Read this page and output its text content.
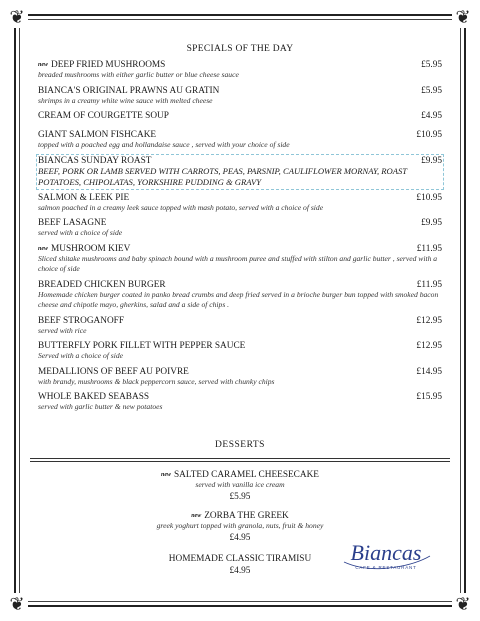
❦	❦
❦	❦
SPECIALS OF THE DAY
new DEEP FRIED MUSHROOMS	£5.95
breaded mushrooms with either garlic butter or blue cheese sauce
BIANCA'S ORIGINAL PRAWNS AU GRATIN	£5.95
shrimps in a creamy white wine sauce with melted cheese
CREAM OF COURGETTE SOUP	£4.95
GIANT SALMON FISHCAKE	£10.95
topped with a poached egg and hollandaise sauce , served with your choice of side
BIANCAS SUNDAY ROAST	£9.95
BEEF, PORK OR LAMB SERVED WITH CARROTS, PEAS, PARSNIP, CAULIFLOWER MORNAY, ROAST POTATOES, CHIPOLATAS, YORKSHIRE PUDDING & GRAVY
SALMON & LEEK PIE	£10.95
salmon poached in a creamy leek sauce topped with mash potato, served with a choice of side
BEEF LASAGNE	£9.95
served with a choice of side
new MUSHROOM KIEV	£11.95
Sliced shitake mushrooms and baby spinach bound with a mushroom puree and stuffed with stilton and garlic butter , served with a choice of side
BREADED CHICKEN BURGER	£11.95
Homemade chicken burger coated in panko bread crumbs and deep fried served in a brioche burger bun topped with smoked bacon cheese and chipotle mayo, gherkins, salad and a side of chips .
BEEF STROGANOFF	£12.95
served with rice
BUTTERFLY PORK FILLET WITH PEPPER SAUCE	£12.95
Served with a choice of side
MEDALLIONS OF BEEF AU POIVRE	£14.95
with brandy, mushrooms & black peppercorn sauce, served with chunky chips
WHOLE BAKED SEABASS	£15.95
served with garlic butter & new potatoes
DESSERTS
new SALTED CARAMEL CHEESECAKE
served with vanilla ice cream
£5.95
new ZORBA THE GREEK
greek yoghurt topped with granola, nuts, fruit & honey
£4.95
HOMEMADE CLASSIC TIRAMISU
£4.95
Biancas
CAFE & RESTAURANT
